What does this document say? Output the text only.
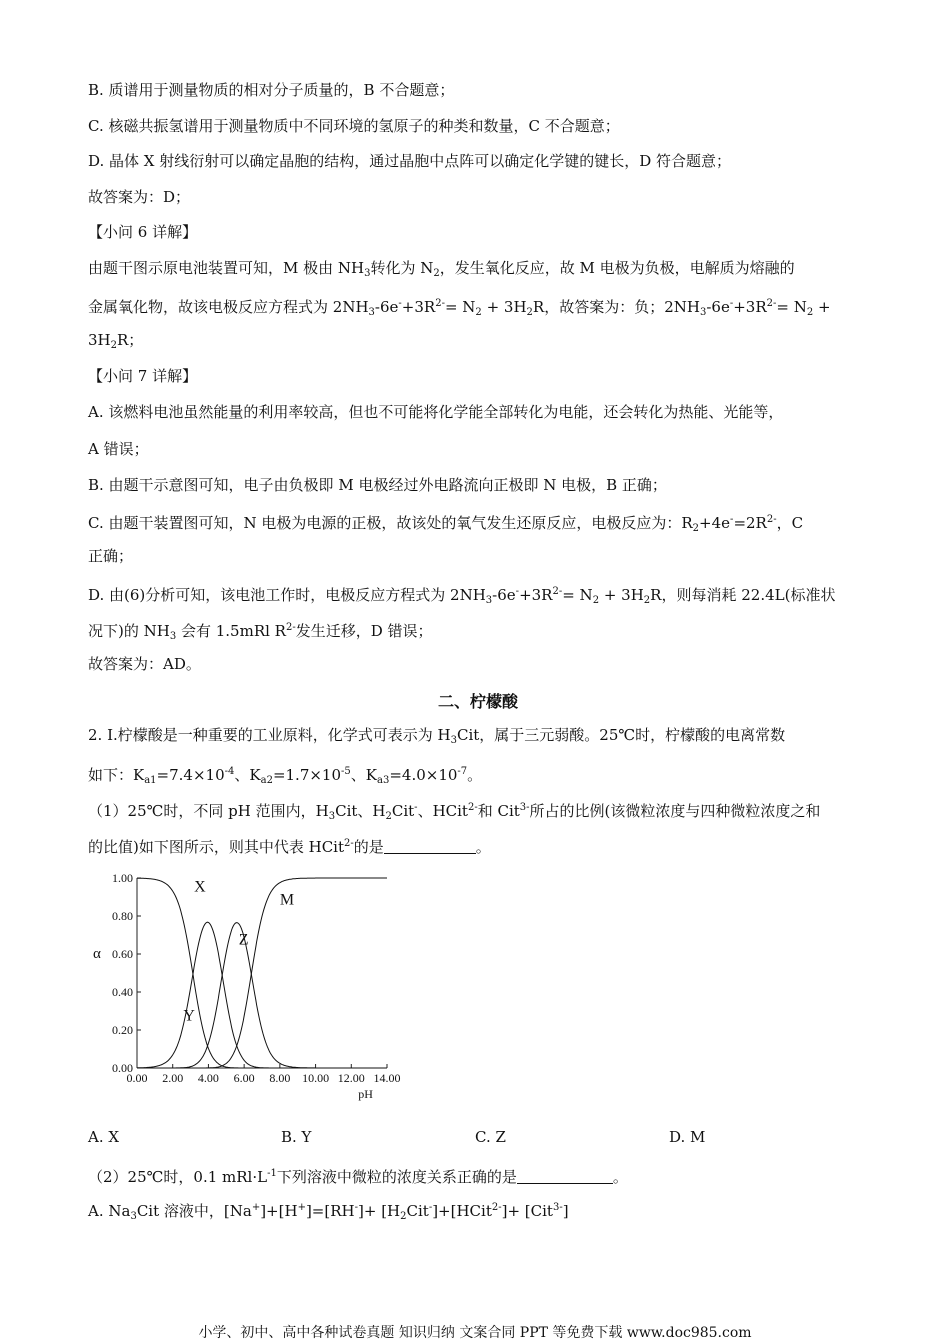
B. 质谱用于测量物质的相对分子质量的，B 不合题意；

C. 核磁共振氢谱用于测量物质中不同环境的氢原子的种类和数量，C 不合题意；

D. 晶体 X 射线衍射可以确定晶胞的结构，通过晶胞中点阵可以确定化学键的键长，D 符合题意；

故答案为：D；

【小问 6 详解】

由题干图示原电池装置可知，M 极由 $NH_3$转化为 $N_2$，发生氧化反应，故 M 电极为负极，电解质为熔融的

金属氧化物，故该电极反应方程式为 $2NH_3-6e^-+3R^{2-}= N_2 + 3H_2R$，故答案为：负；$2NH_3-6e^-+3R^{2-}= N_2$ +

$3H_2R$；

【小问 7 详解】

A. 该燃料电池虽然能量的利用率较高，但也不可能将化学能全部转化为电能，还会转化为热能、光能等，

A 错误；

B. 由题干示意图可知，电子由负极即 M 电极经过外电路流向正极即 N 电极，B 正确；

C. 由题干装置图可知，N 电极为电源的正极，故该处的氧气发生还原反应，电极反应为：$R_2+4e^-=2R^{2-}$，C

正确；

D. 由(6)分析可知，该电池工作时，电极反应方程式为 $2NH_3-6e^-+3R^{2-}= N_2 + 3H_2R$，则每消耗 22.4L(标准状

况下)的 $NH_3$ 会有 1.5mRl $R^{2-}$发生迁移，D 错误；

故答案为：AD。

二、柠檬酸

2. Ⅰ.柠檬酸是一种重要的工业原料，化学式可表示为 $H_3Cit$，属于三元弱酸。25℃时，柠檬酸的电离常数

如下：$K_{a1}=7.4\times 10^{-4}$、$K_{a2}=1.7\times 10^{-5}$、$K_{a3}=4.0\times 10^{-7}$。

（1）25℃时，不同 pH 范围内，$H_3Cit$、$H_2Cit^-$、HCit$^{2-}$和 Cit$^{3-}$所占的比例(该微粒浓度与四种微粒浓度之和

的比值)如下图所示，则其中代表 HCit$^{2-}$的是	。

A. X	B. Y	C. Z	D. M

（2）25℃时，0.1 $mRl\cdot L^{-1}$下列溶液中微粒的浓度关系正确的是	。

A. $Na_3Cit$ 溶液中，$[Na^+]+[H^+]=[RH^-]+ [H_2Cit^-]+[HCit^{2-}]+ [Cit^{3-}]$

0.00
0.20
0.40
0.60
0.80
1.00
0.00 2.00 4.00 6.00 8.00 10.00 12.00 14.00
pH
α
X
Y
Z
M
小学、初中、高中各种试卷真题 知识归纳 文案合同 PPT 等免费下载 www.doc985.com
